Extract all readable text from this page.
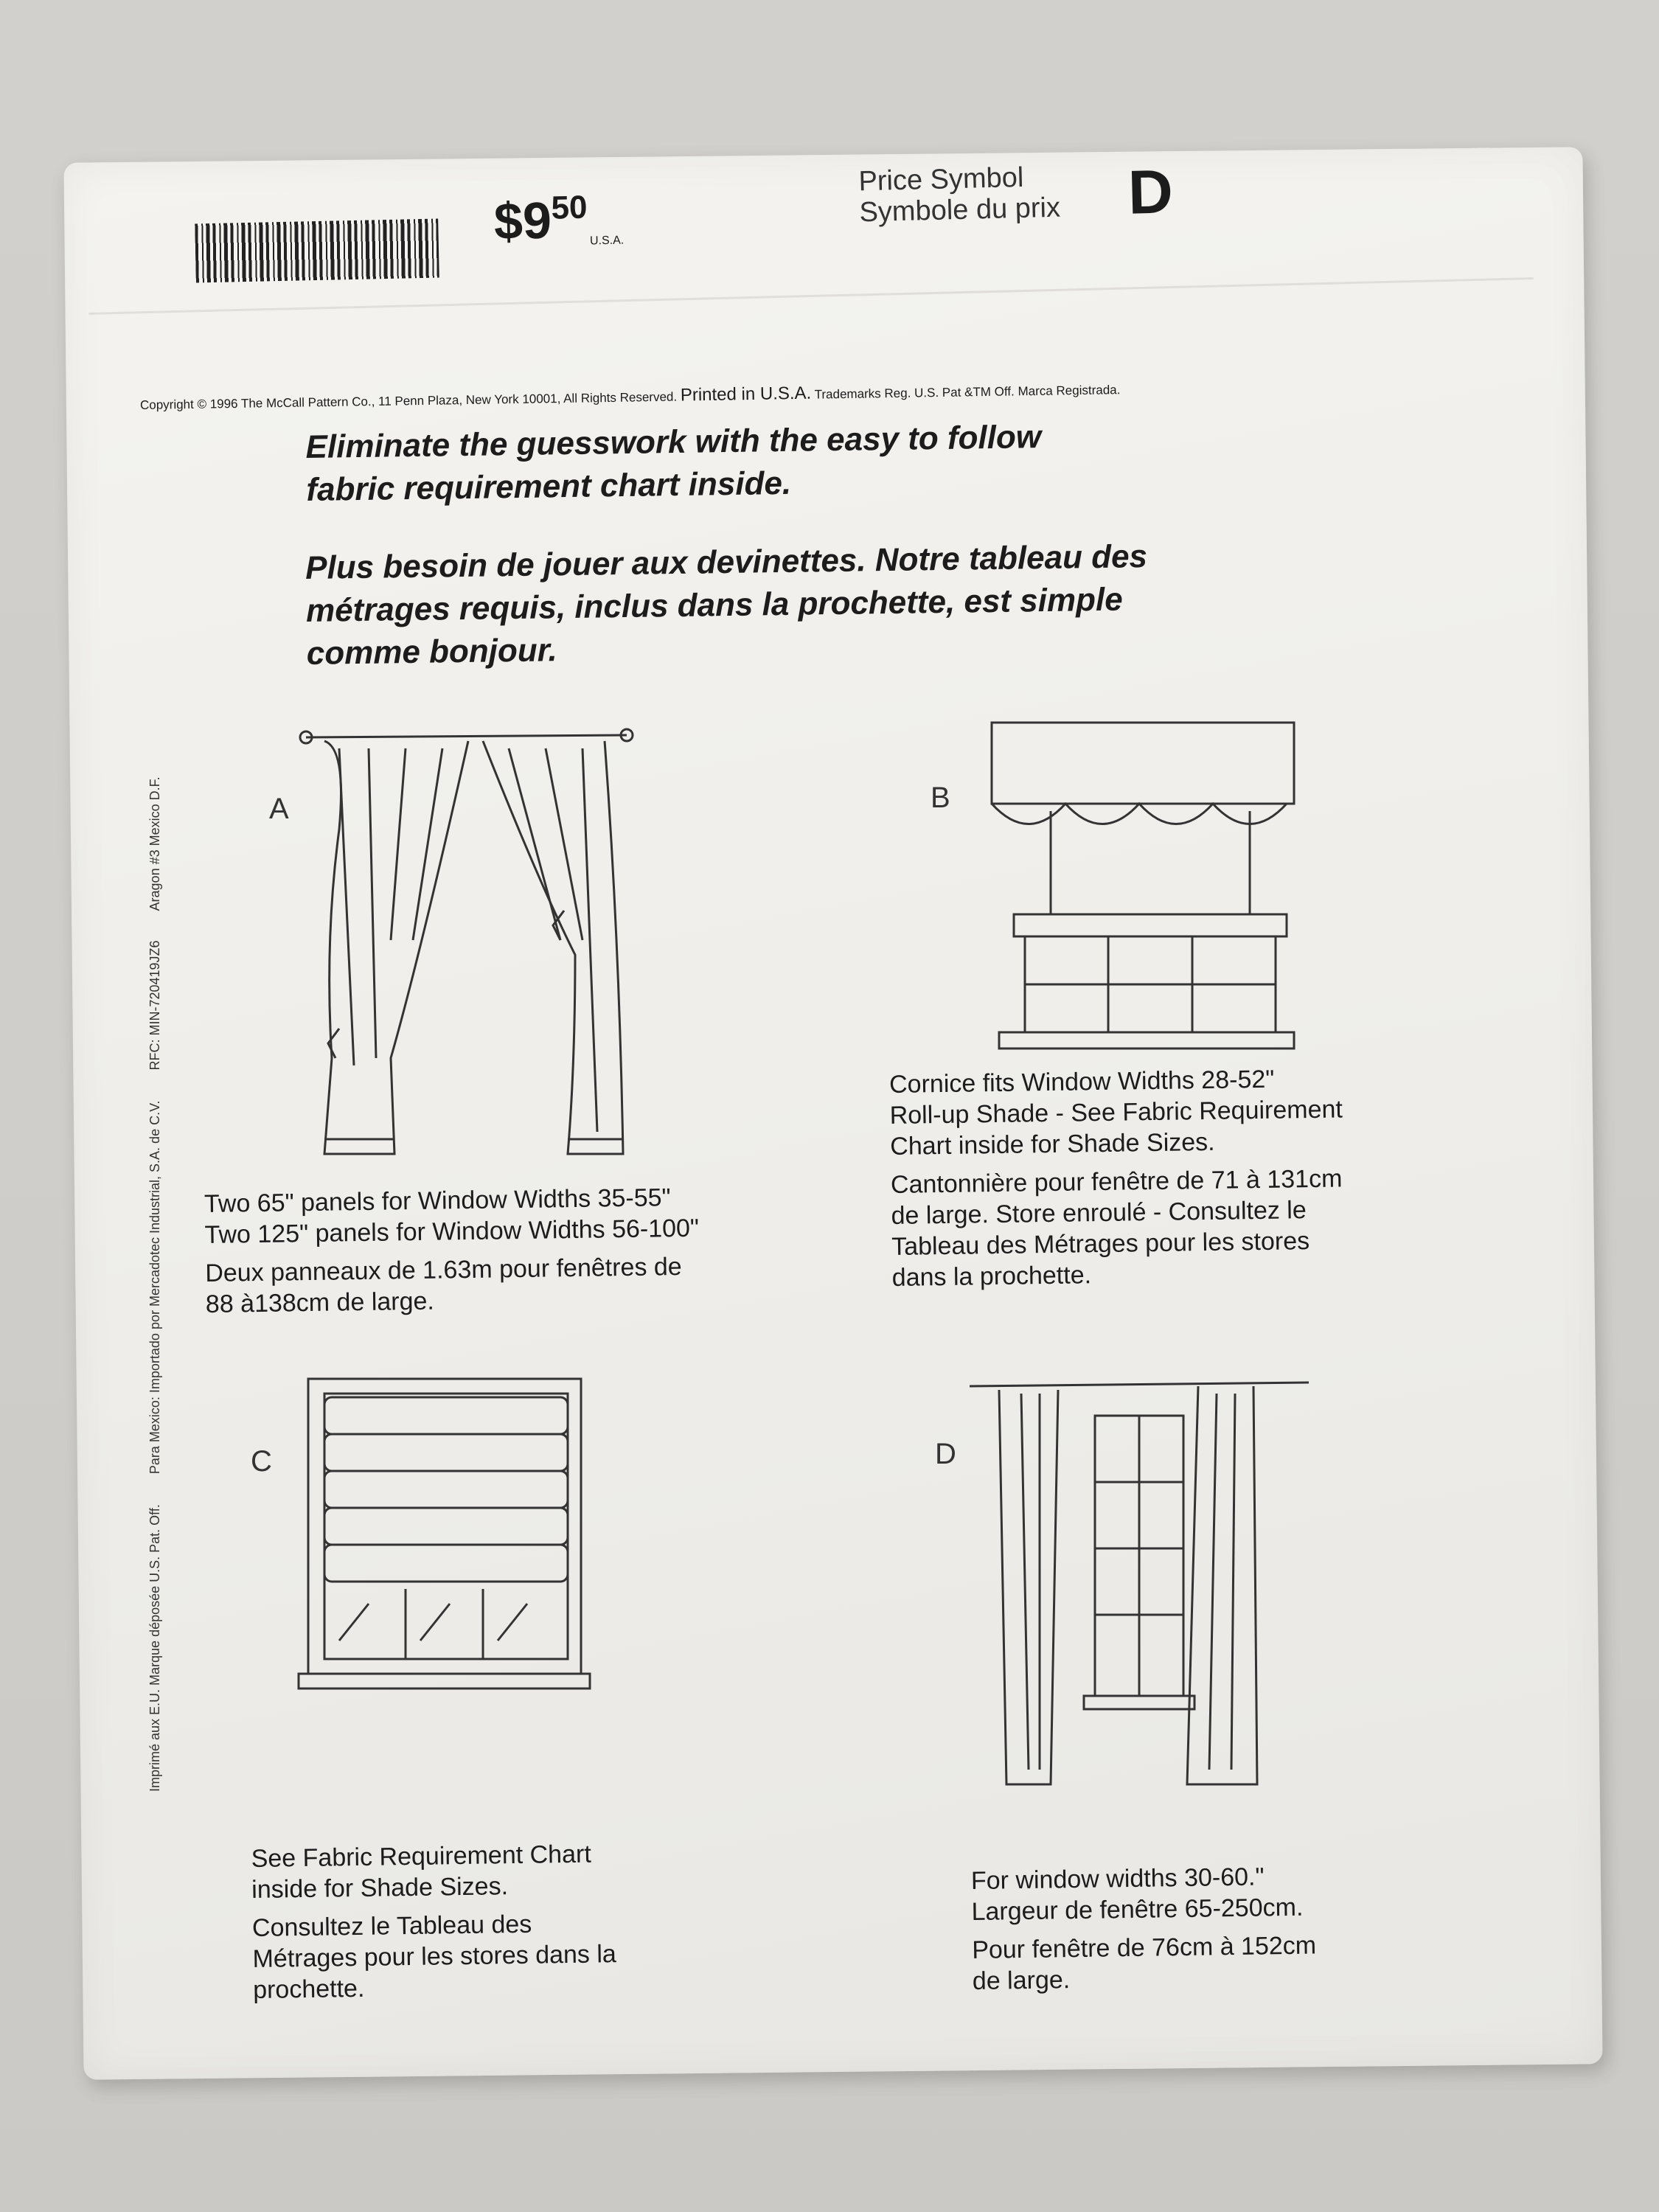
$\$9^{50}$
U.S.A.
Price Symbol
Symbole du prix D
Copyright © 1996 The McCall Pattern Co., 11 Penn Plaza, New York 10001, All Rights Reserved. Printed in U.S.A. Trademarks Reg. U.S. Pat &TM Off. Marca Registrada.
Eliminate the guesswork with the easy to follow
fabric requirement chart inside.
Plus besoin de jouer aux devinettes. Notre tableau des
métrages requis, inclus dans la prochette, est simple
comme bonjour.
Imprimé aux E.U. Marque déposée U.S. Pat. Off. Para Mexico: Importado por Mercadotec Industrial, S.A. de C.V. RFC: MIN-720419JZ6 Aragon #3 Mexico D.F.	A

Two 65" panels for Window Widths 35-55"
Two 125" panels for Window Widths 56-100"

Deux panneaux de 1.63m pour fenêtres de
88 à138cm de large.

B

Cornice fits Window Widths 28-52"
Roll-up Shade - See Fabric Requirement
Chart inside for Shade Sizes.

Cantonnière pour fenêtre de 71 à 131cm
de large. Store enroulé - Consultez le
Tableau des Métrages pour les stores
dans la prochette.

C

See Fabric Requirement Chart
inside for Shade Sizes.

Consultez le Tableau des
Métrages pour les stores dans la
prochette.

D

For window widths 30-60."
Largeur de fenêtre 65-250cm.

Pour fenêtre de 76cm à 152cm
de large.
